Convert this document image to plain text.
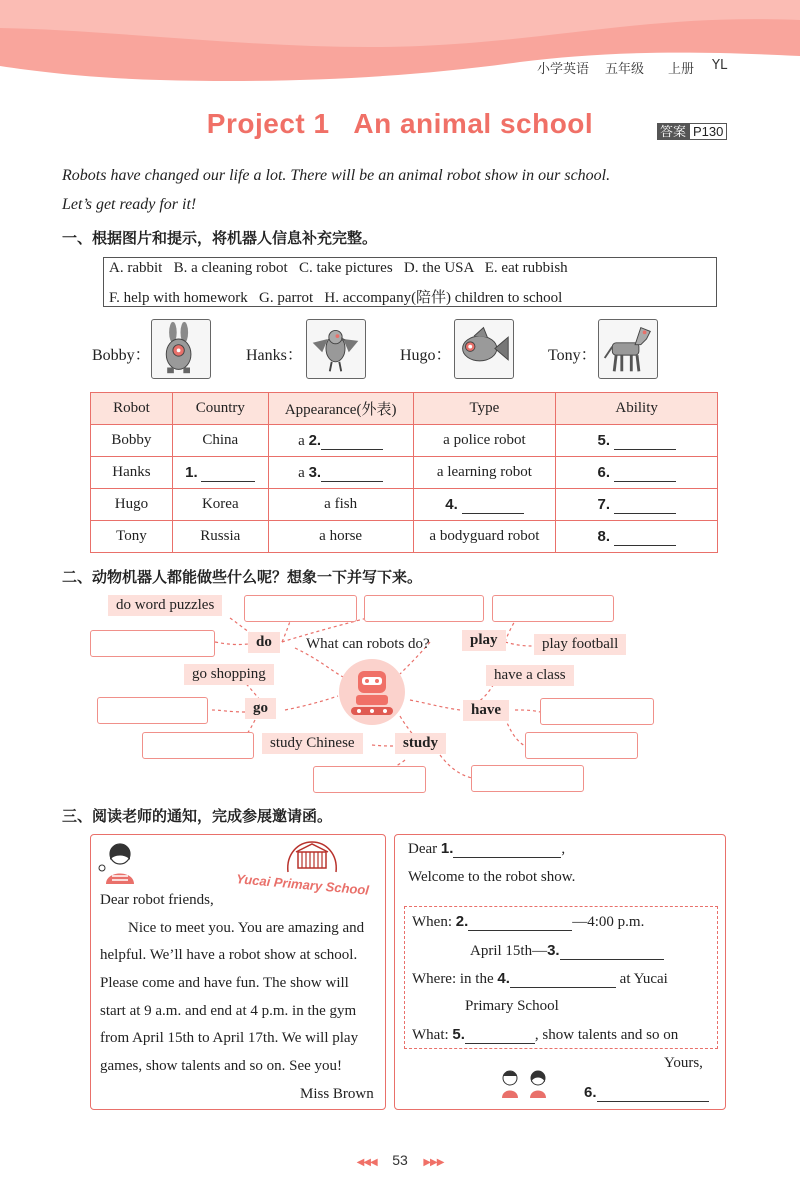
小学英语 五年级 上册 YL
Project 1   An animal school	答案 P130
Robots have changed our life a lot. There will be an animal robot show in our school.
Let’s get ready for it!
一、根据图片和提示，将机器人信息补充完整。
A. rabbit   B. a cleaning robot   C. take pictures   D. the USA   E. eat rubbish
F. help with homework   G. parrot   H. accompany(陪伴) children to school
Bobby：	Hanks：	Hugo：	Tony：
Robot	Country	Appearance(外表)	Type	Ability
Bobby	China	a 2.	a police robot	5.
Hanks	1.	a 3.	a learning robot	6.
Hugo	Korea	a fish	4.	7.
Tony	Russia	a horse	a bodyguard robot	8.
二、动物机器人都能做些什么呢？想象一下并写下来。
do word puzzles
do	What can robots do?	play	play football
go shopping	have a class
go	have
study Chinese	study
三、阅读老师的通知，完成参展邀请函。
Yucai Primary School
Dear robot friends,
Nice to meet you. You are amazing and
helpful. We’ll have a robot show at school.
Please come and have fun. The show will
start at 9 a.m. and end at 4 p.m. in the gym
from April 15th to April 17th. We will play
games, show talents and so on. See you!
Miss Brown
Dear 1.	,
Welcome to the robot show.
When: 2.	—4:00 p.m.
April 15th—3.
Where: in the 4.	at Yucai
Primary School
What: 5.	, show talents and so on
Yours,
6.
◀◀◀ 53 ▶▶▶
